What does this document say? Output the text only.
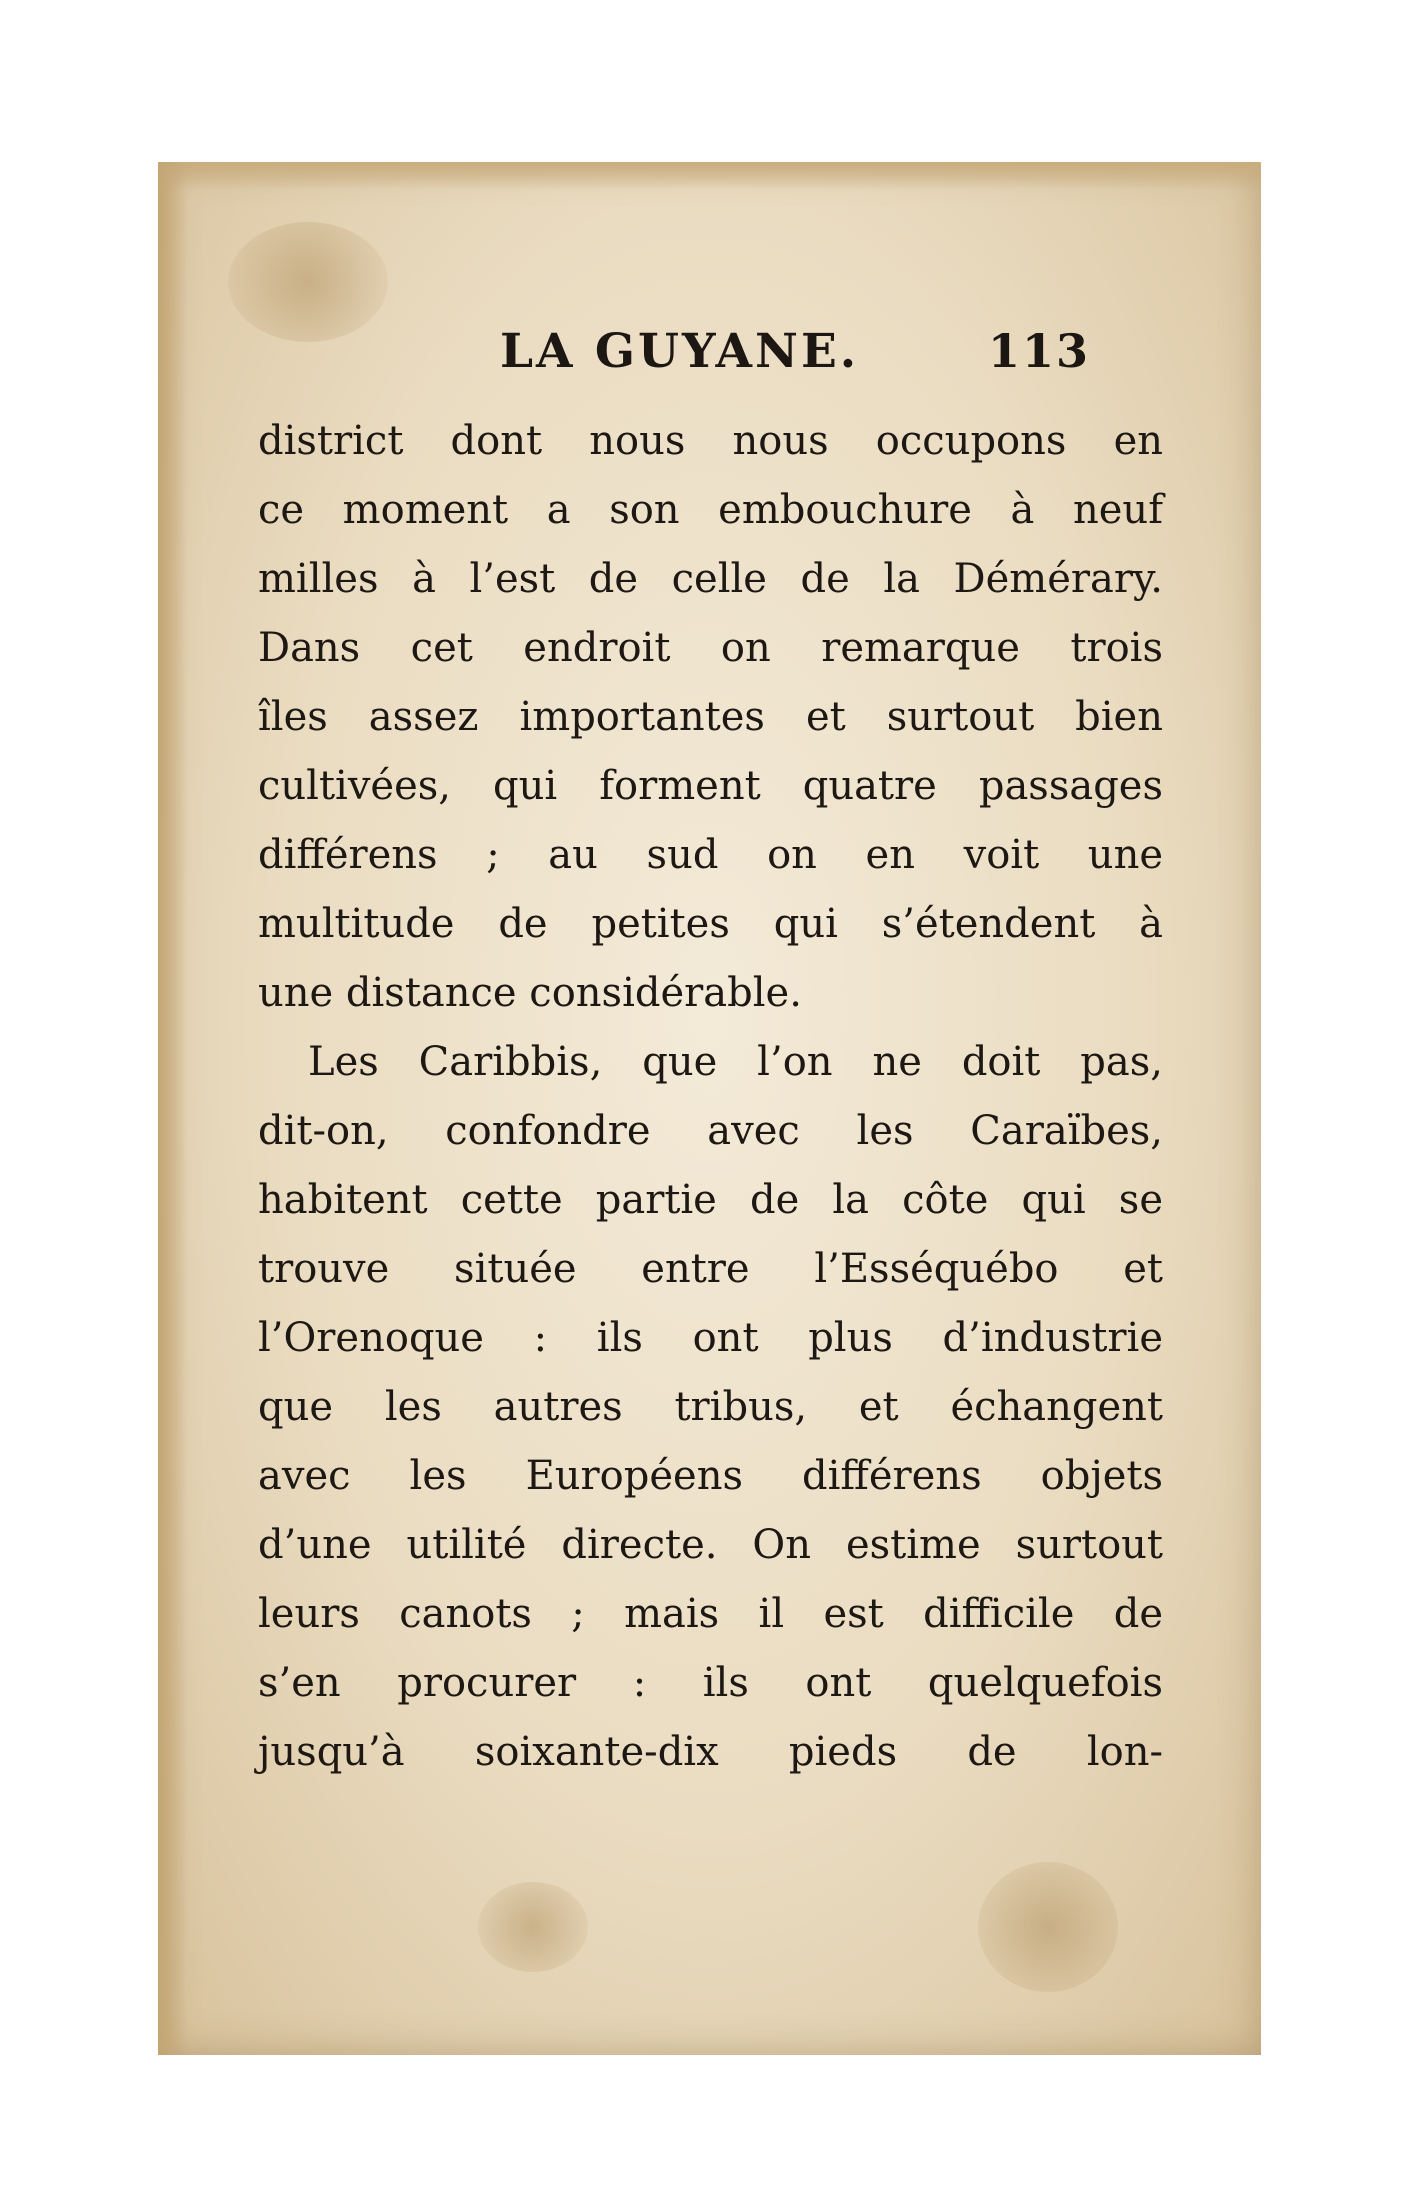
LA GUYANE.	113
district dont nous nous occupons en
ce moment a son embouchure à neuf
milles à l’est de celle de la Démérary.
Dans cet endroit on remarque trois
îles assez importantes et surtout bien
cultivées, qui forment quatre passages
différens ; au sud on en voit une
multitude de petites qui s’étendent à
une distance considérable.
Les Caribbis, que l’on ne doit pas,
dit-on, confondre avec les Caraïbes,
habitent cette partie de la côte qui se
trouve située entre l’Esséquébo et
l’Orenoque : ils ont plus d’industrie
que les autres tribus, et échangent
avec les Européens différens objets
d’une utilité directe. On estime surtout
leurs canots ; mais il est difficile de
s’en procurer : ils ont quelquefois
jusqu’à soixante-dix pieds de lon-
